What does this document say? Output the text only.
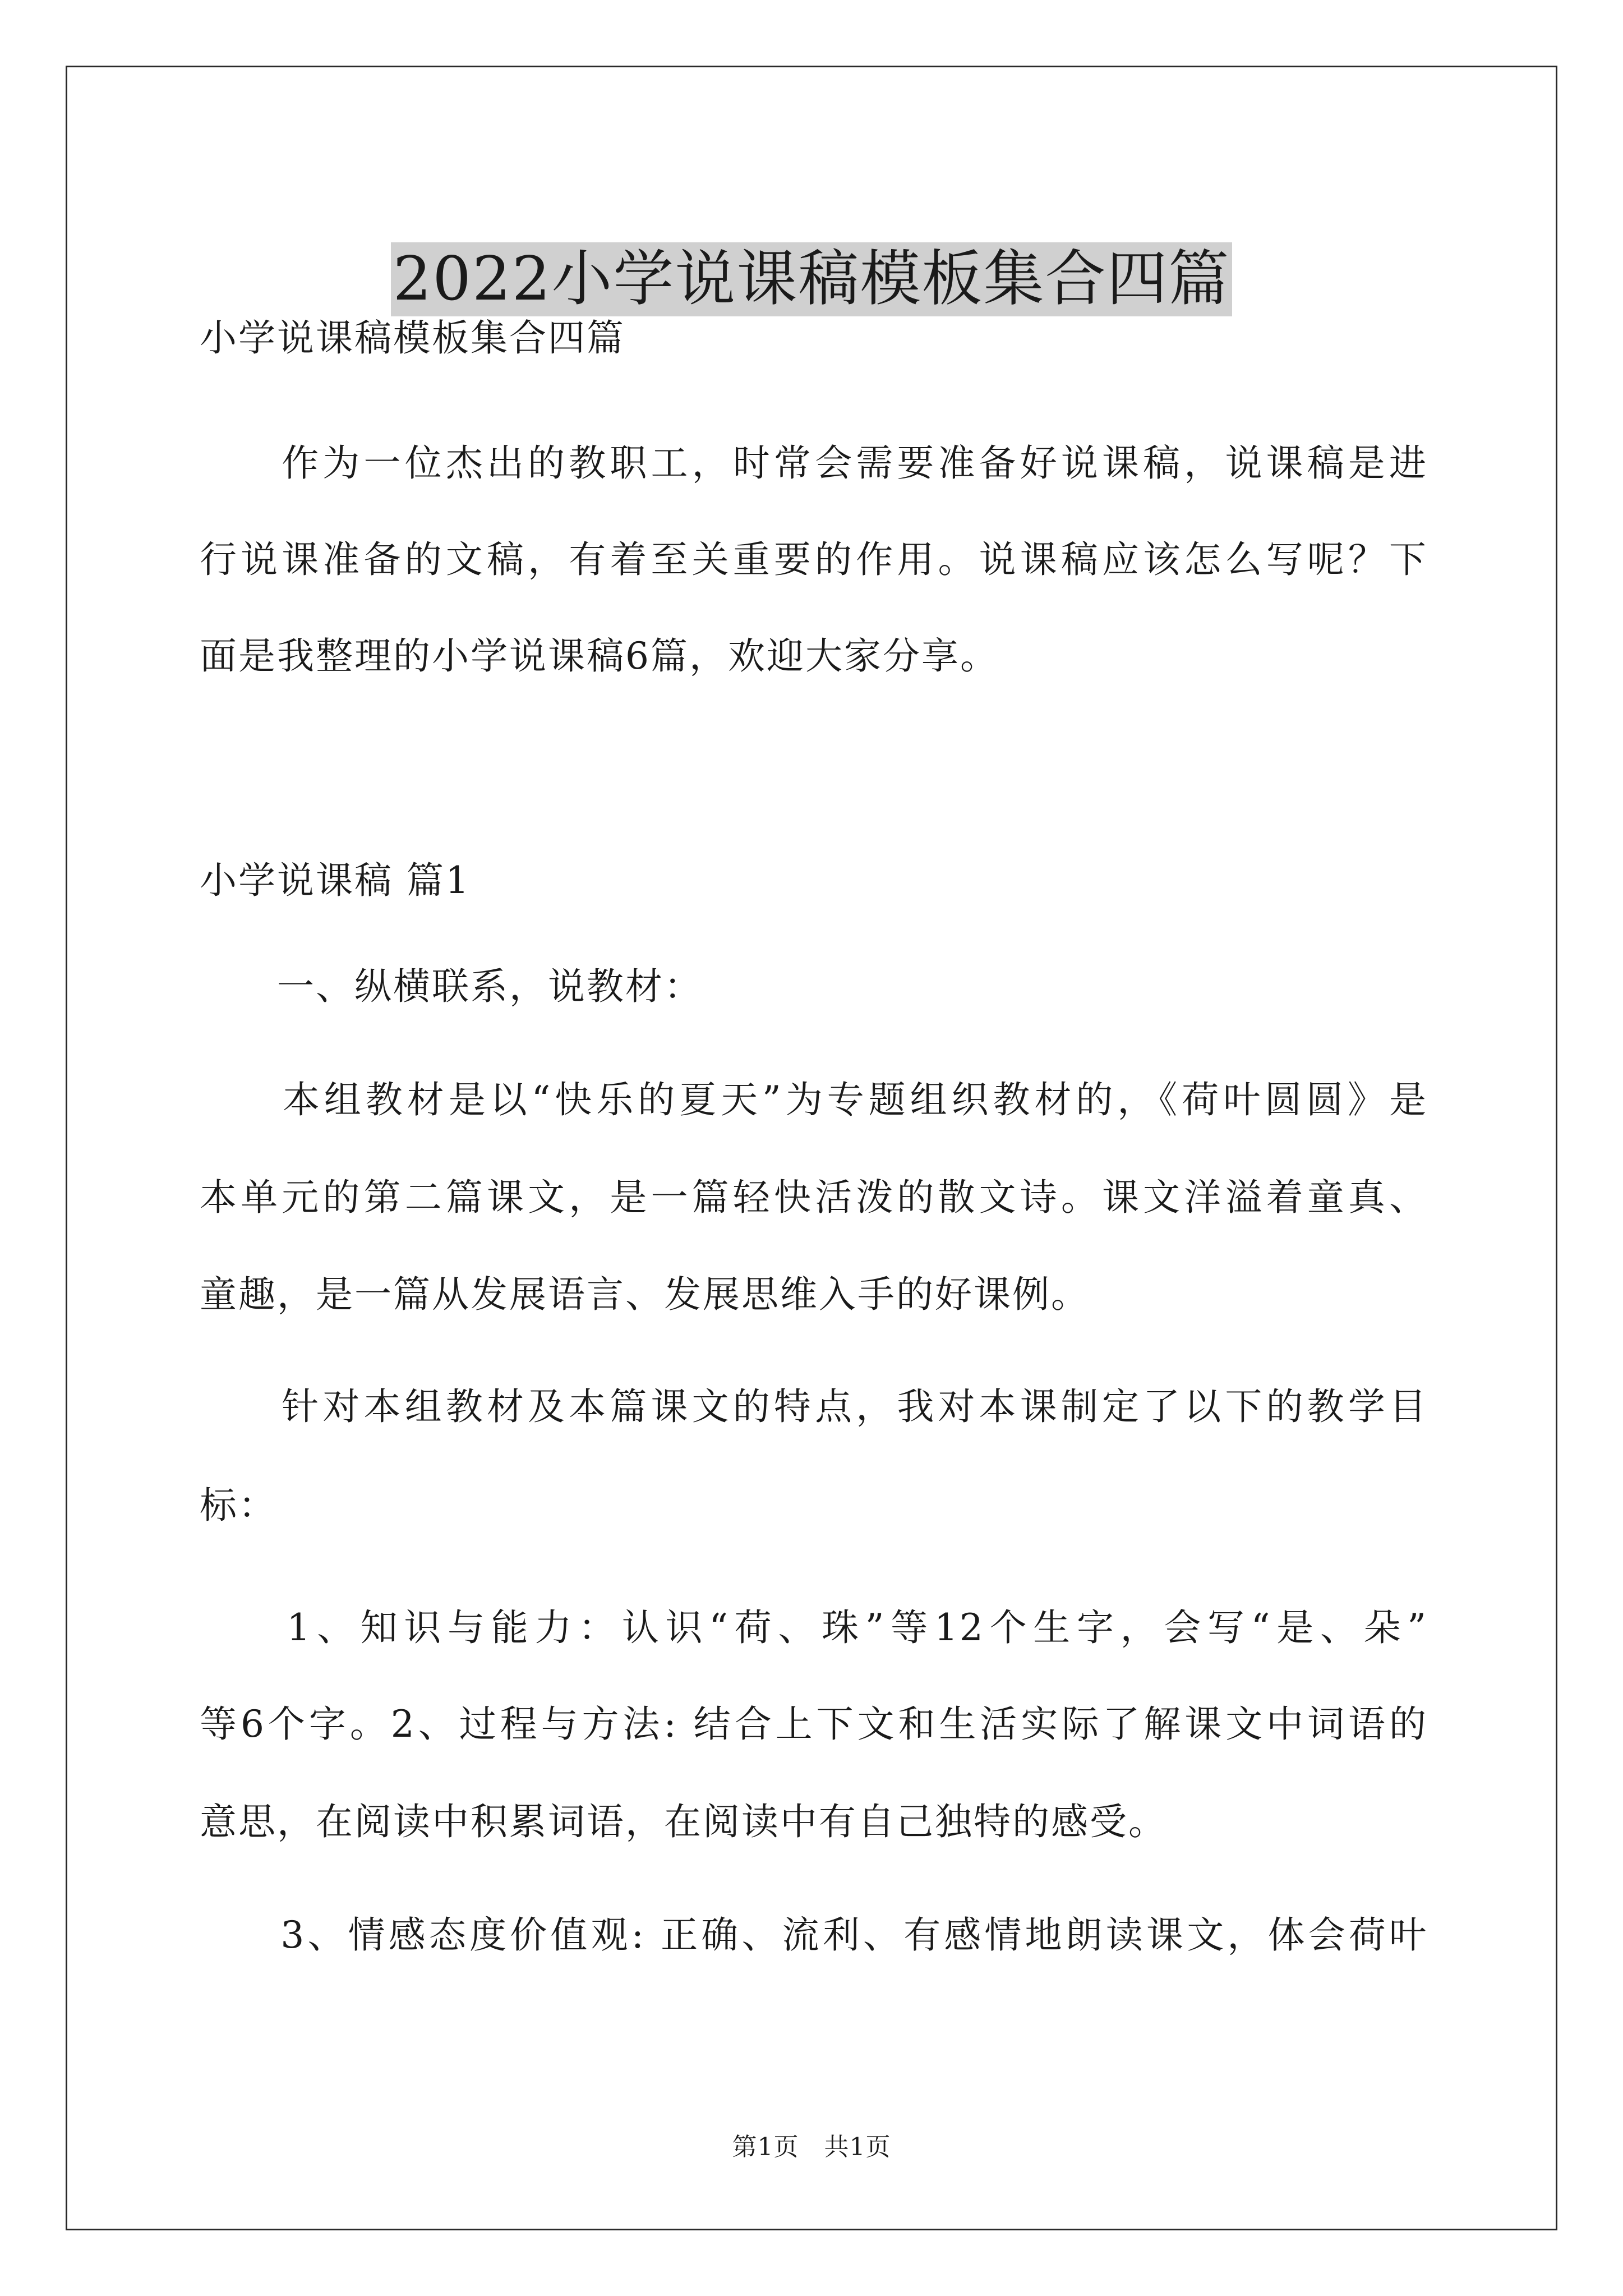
2022小学说课稿模板集合四篇
小学说课稿模板集合四篇
　　作为一位杰出的教职工，时常会需要准备好说课稿，说课稿是进
行说课准备的文稿，有着至关重要的作用。说课稿应该怎么写呢？下
面是我整理的小学说课稿6篇，欢迎大家分享。
小学说课稿 篇1
　　一、纵横联系，说教材：
　　本组教材是以“快乐的夏天”为专题组织教材的，《荷叶圆圆》是
本单元的第二篇课文，是一篇轻快活泼的散文诗。课文洋溢着童真、
童趣，是一篇从发展语言、发展思维入手的好课例。
　　针对本组教材及本篇课文的特点，我对本课制定了以下的教学目
标：
　　1、知识与能力：认识“荷、珠”等12个生字，会写“是、朵”
等6个字。2、过程与方法: 结合上下文和生活实际了解课文中词语的
意思，在阅读中积累词语，在阅读中有自己独特的感受。
　　3、情感态度价值观: 正确、流利、有感情地朗读课文，体会荷叶
第1页　共1页
